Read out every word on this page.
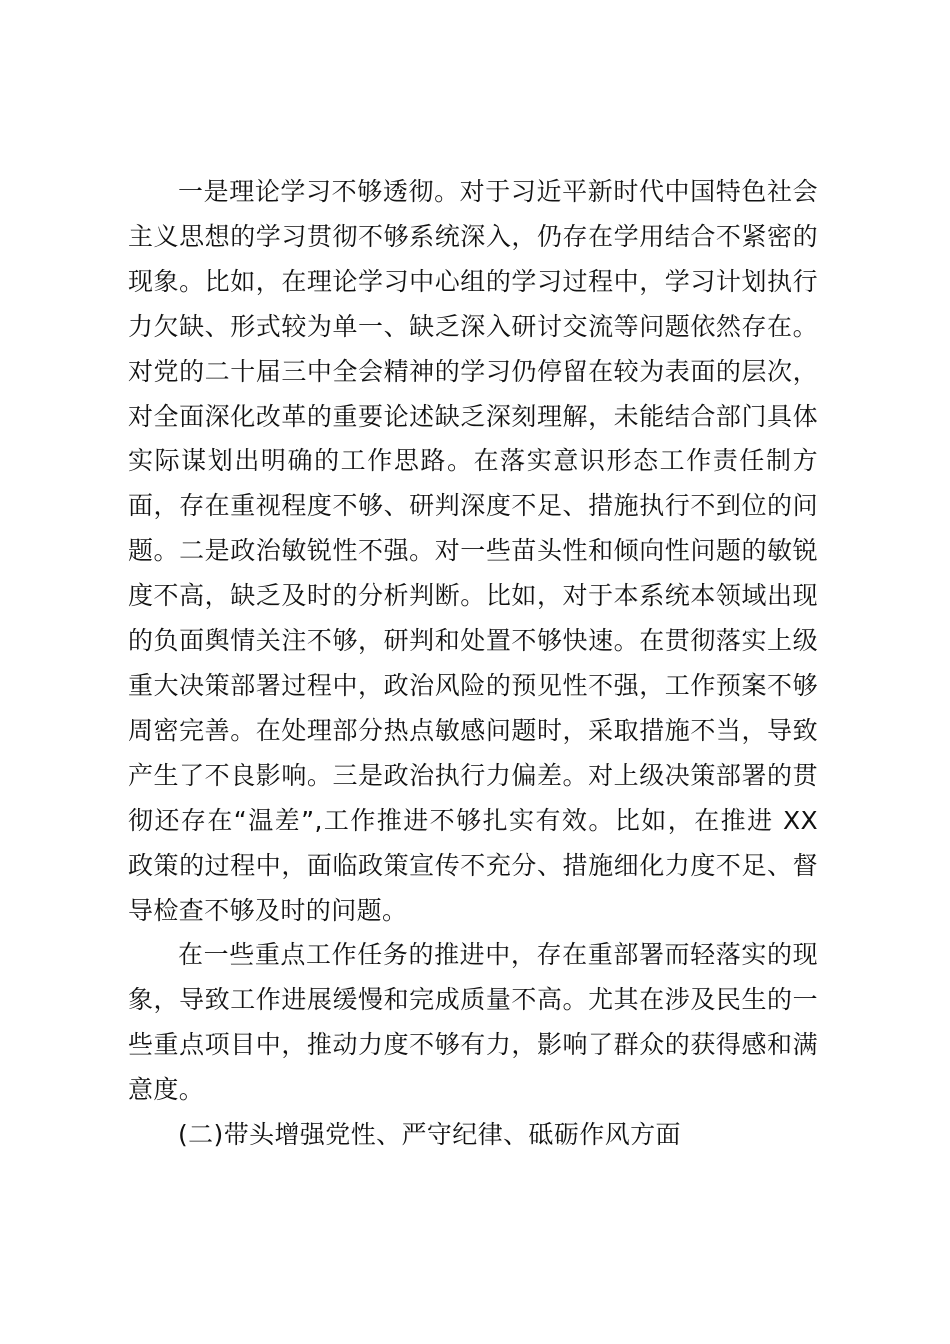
一是理论学习不够透彻。对于习近平新时代中国特色社会主义思想的学习贯彻不够系统深入，仍存在学用结合不紧密的现象。比如，在理论学习中心组的学习过程中，学习计划执行力欠缺、形式较为单一、缺乏深入研讨交流等问题依然存在。对党的二十届三中全会精神的学习仍停留在较为表面的层次，对全面深化改革的重要论述缺乏深刻理解，未能结合部门具体实际谋划出明确的工作思路。在落实意识形态工作责任制方面，存在重视程度不够、研判深度不足、措施执行不到位的问题。二是政治敏锐性不强。对一些苗头性和倾向性问题的敏锐度不高，缺乏及时的分析判断。比如，对于本系统本领域出现的负面舆情关注不够，研判和处置不够快速。在贯彻落实上级重大决策部署过程中，政治风险的预见性不强，工作预案不够周密完善。在处理部分热点敏感问题时，采取措施不当，导致产生了不良影响。三是政治执行力偏差。对上级决策部署的贯彻还存在“温差”,工作推进不够扎实有效。比如，在推进 XX 政策的过程中，面临政策宣传不充分、措施细化力度不足、督导检查不够及时的问题。

在一些重点工作任务的推进中，存在重部署而轻落实的现象，导致工作进展缓慢和完成质量不高。尤其在涉及民生的一些重点项目中，推动力度不够有力，影响了群众的获得感和满意度。

(二)带头增强党性、严守纪律、砥砺作风方面
